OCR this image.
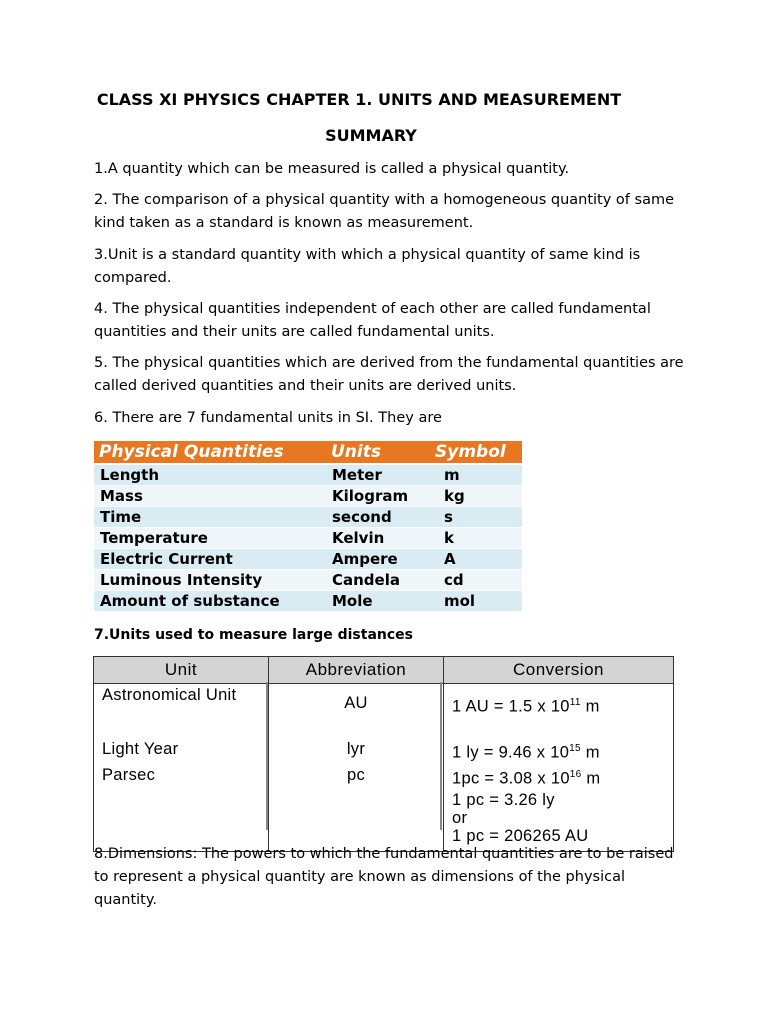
CLASS XI PHYSICS CHAPTER 1. UNITS AND MEASUREMENT
SUMMARY

1.A quantity which can be measured is called a physical quantity.

2. The comparison of a physical quantity with a homogeneous quantity of same kind taken as a standard is known as measurement.

3.Unit is a standard quantity with which a physical quantity of same kind is compared.

4. The physical quantities independent of each other are called fundamental quantities and their units are called fundamental units.

5. The physical quantities which are derived from the fundamental quantities are called derived quantities and their units are derived units.

6. There are 7 fundamental units in SI. They are

Physical Quantities	Units	Symbol
Length	Meter	m
Mass	Kilogram	kg
Time	second	s
Temperature	Kelvin	k
Electric Current	Ampere	A
Luminous Intensity	Candela	cd
Amount of substance	Mole	mol

7.Units used to measure large distances

Unit	Abbreviation	Conversion
Astronomical Unit	AU	1 AU = 1.5 x $10^{11}$ m
Light Year	lyr	1 ly = 9.46 x $10^{15}$ m
Parsec	pc	1pc = 3.08 x $10^{16}$ m

		1 pc = 3.26 ly
or
1 pc = 206265 AU

8.Dimensions: The powers to which the fundamental quantities are to be raised to represent a physical quantity are known as dimensions of the physical quantity.
